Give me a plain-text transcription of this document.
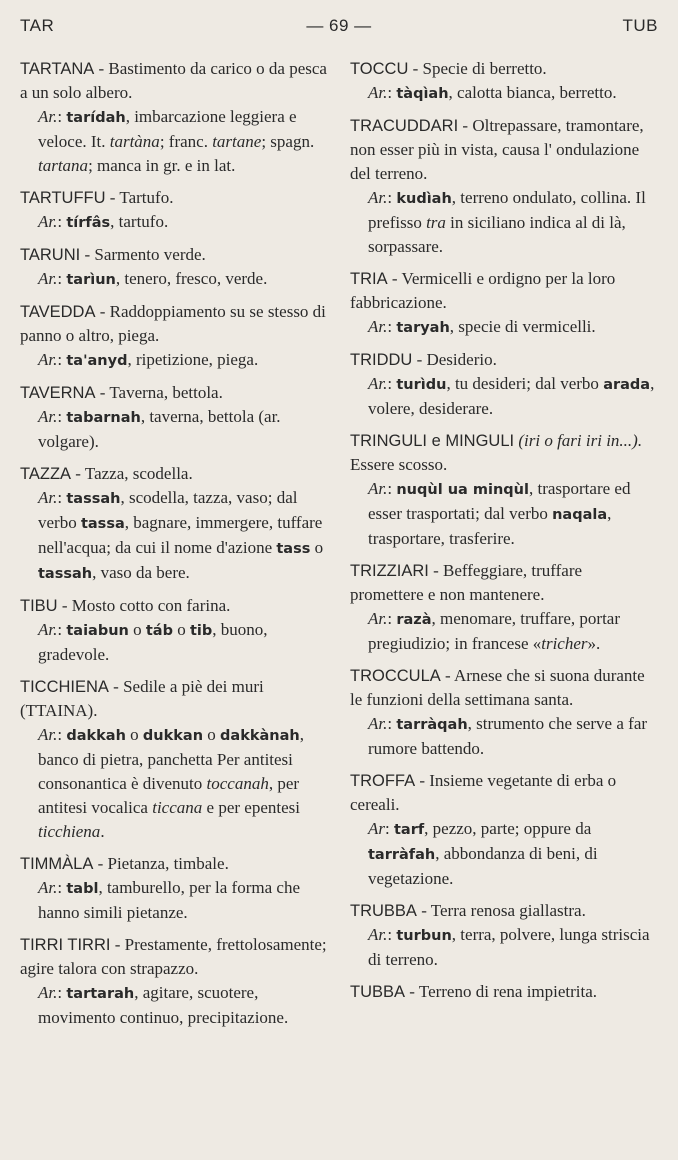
TAR	— 69 —	TUB

TARTANA - Bastimento da carico o da pesca a un solo albero.

Ar.: tarídah, imbarcazione leggiera e veloce. It. tartàna; franc. tartane; spagn. tartana; manca in gr. e in lat.

TARTUFFU - Tartufo.

Ar.: tírfâs, tartufo.

TARUNI - Sarmento verde.

Ar.: tarìun, tenero, fresco, verde.

TAVEDDA - Raddoppiamento su se stesso di panno o altro, piega.

Ar.: ta'anyd, ripetizione, piega.

TAVERNA - Taverna, bettola.

Ar.: tabarnah, taverna, bettola (ar. volgare).

TAZZA - Tazza, scodella.

Ar.: tassah, scodella, tazza, vaso; dal verbo tassa, bagnare, immergere, tuffare nell'acqua; da cui il nome d'azione tass o tassah, vaso da bere.

TIBU - Mosto cotto con farina.

Ar.: taiabun o táb o tib, buono, gradevole.

TICCHIENA - Sedile a piè dei muri (TTAINA).

Ar.: dakkah o dukkan o dakkànah, banco di pietra, panchetta Per antitesi consonantica è divenuto toccanah, per antitesi vocalica ticcana e per epentesi ticchiena.

TIMMÀLA - Pietanza, timbale.

Ar.: tabl, tamburello, per la forma che hanno simili pietanze.

TIRRI TIRRI - Prestamente, frettolosamente; agire talora con strapazzo.

Ar.: tartarah, agitare, scuotere, movimento continuo, precipitazione.

TOCCU - Specie di berretto.

Ar.: tàqìah, calotta bianca, berretto.

TRACUDDARI - Oltrepassare, tramontare, non esser più in vista, causa l' ondulazione del terreno.

Ar.: kudìah, terreno ondulato, collina. Il prefisso tra in siciliano indica al di là, sorpassare.

TRIA - Vermicelli e ordigno per la loro fabbricazione.

Ar.: taryah, specie di vermicelli.

TRIDDU - Desiderio.

Ar.: turìdu, tu desideri; dal verbo arada, volere, desiderare.

TRINGULI e MINGULI (iri o fari iri in...). Essere scosso.

Ar.: nuqùl ua minqùl, trasportare ed esser trasportati; dal verbo naqala, trasportare, trasferire.

TRIZZIARI - Beffeggiare, truffare promettere e non mantenere.

Ar.: razà, menomare, truffare, portar pregiudizio; in francese «tricher».

TROCCULA - Arnese che si suona durante le funzioni della settimana santa.

Ar.: tarràqah, strumento che serve a far rumore battendo.

TROFFA - Insieme vegetante di erba o cereali.

Ar: tarf, pezzo, parte; oppure da tarràfah, abbondanza di beni, di vegetazione.

TRUBBA - Terra renosa giallastra.

Ar.: turbun, terra, polvere, lunga striscia di terreno.

TUBBA - Terreno di rena impietrita.
